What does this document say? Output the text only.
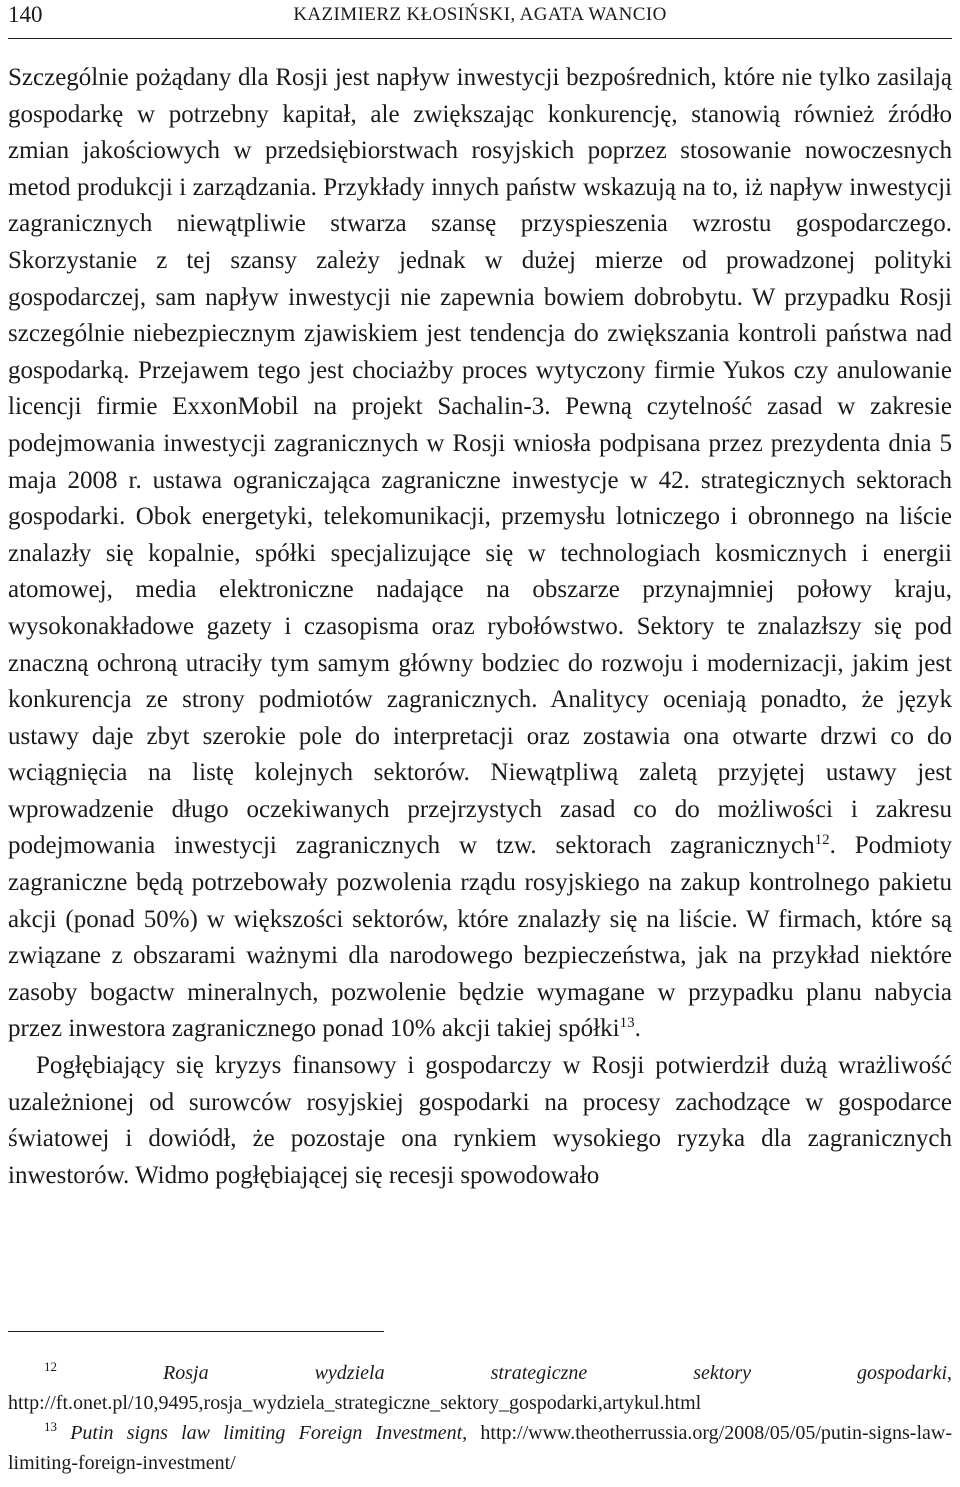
140	KAZIMIERZ KŁOSIŃSKI, AGATA WANCIO

Szczególnie pożądany dla Rosji jest napływ inwestycji bezpośrednich, które nie tylko zasilają gospodarkę w potrzebny kapitał, ale zwiększając konkurencję, stanowią również źródło zmian jakościowych w przedsiębiorstwach rosyjskich poprzez stosowanie nowoczesnych metod produkcji i zarządzania. Przykłady innych państw wskazują na to, iż napływ inwestycji zagranicznych niewątpliwie stwarza szansę przyspieszenia wzrostu gospodarczego. Skorzystanie z tej szansy zależy jednak w dużej mierze od prowadzonej polityki gospodarczej, sam napływ inwestycji nie zapewnia bowiem dobrobytu. W przypadku Rosji szczególnie niebezpiecznym zjawiskiem jest tendencja do zwiększania kontroli państwa nad gospodarką. Przejawem tego jest chociażby proces wytyczony firmie Yukos czy anulowanie licencji firmie ExxonMobil na projekt Sachalin-3. Pewną czytelność zasad w zakresie podejmowania inwestycji zagranicznych w Rosji wniosła podpisana przez prezydenta dnia 5 maja 2008 r. ustawa ograniczająca zagraniczne inwestycje w 42. strategicznych sektorach gospodarki. Obok energetyki, telekomunikacji, przemysłu lotniczego i obronnego na liście znalazły się kopalnie, spółki specjalizujące się w technologiach kosmicznych i energii atomowej, media elektroniczne nadające na obszarze przynajmniej połowy kraju, wysokonakładowe gazety i czasopisma oraz rybołówstwo. Sektory te znalazłszy się pod znaczną ochroną utraciły tym samym główny bodziec do rozwoju i modernizacji, jakim jest konkurencja ze strony podmiotów zagranicznych. Analitycy oceniają ponadto, że język ustawy daje zbyt szerokie pole do interpretacji oraz zostawia ona otwarte drzwi co do wciągnięcia na listę kolejnych sektorów. Niewątpliwą zaletą przyjętej ustawy jest wprowadzenie długo oczekiwanych przejrzystych zasad co do możliwości i zakresu podejmowania inwestycji zagranicznych w tzw. sektorach zagranicznych$^{12}$. Podmioty zagraniczne będą potrzebowały pozwolenia rządu rosyjskiego na zakup kontrolnego pakietu akcji (ponad 50%) w większości sektorów, które znalazły się na liście. W firmach, które są związane z obszarami ważnymi dla narodowego bezpieczeństwa, jak na przykład niektóre zasoby bogactw mineralnych, pozwolenie będzie wymagane w przypadku planu nabycia przez inwestora zagranicznego ponad 10% akcji takiej spółki$^{13}$.

Pogłębiający się kryzys finansowy i gospodarczy w Rosji potwierdził dużą wrażliwość uzależnionej od surowców rosyjskiej gospodarki na procesy zachodzące w gospodarce światowej i dowiódł, że pozostaje ona rynkiem wysokiego ryzyka dla zagranicznych inwestorów. Widmo pogłębiającej się recesji spowodowało

$^{12}$	Rosja wydziela strategiczne sektory gospodarki, http://ft.onet.pl/10,9495,rosja_wydziela_strategiczne_sektory_gospodarki,artykul.html

$^{13}$ Putin signs law limiting Foreign Investment, http://www.theotherrussia.org/2008/05/05/putin-signs-law-limiting-foreign-investment/
